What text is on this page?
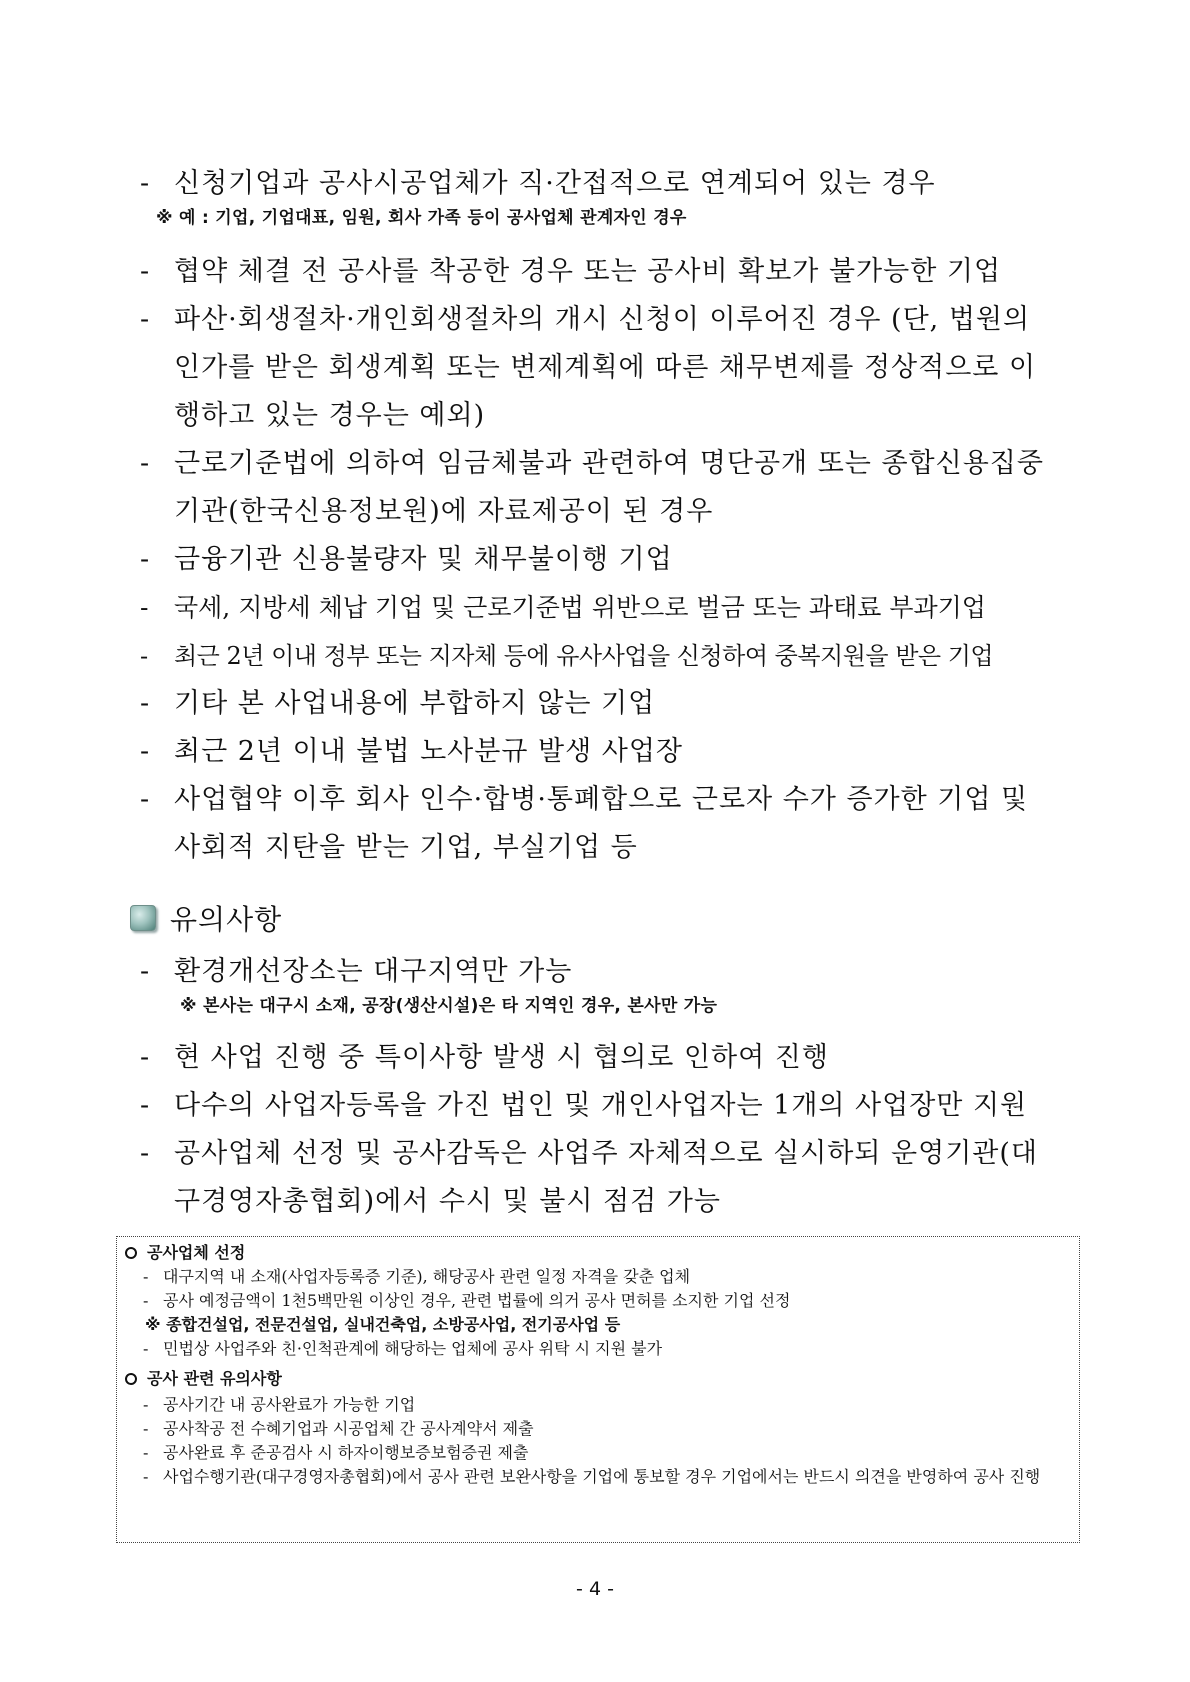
- 신청기업과 공사시공업체가 직·간접적으로 연계되어 있는 경우
※ 예 : 기업, 기업대표, 임원, 회사 가족 등이 공사업체 관계자인 경우
- 협약 체결 전 공사를 착공한 경우 또는 공사비 확보가 불가능한 기업
- 파산·회생절차·개인회생절차의 개시 신청이 이루어진 경우 (단, 법원의 인가를 받은 회생계획 또는 변제계획에 따른 채무변제를 정상적으로 이행하고 있는 경우는 예외)
- 근로기준법에 의하여 임금체불과 관련하여 명단공개 또는 종합신용집중기관(한국신용정보원)에 자료제공이 된 경우
- 금융기관 신용불량자 및 채무불이행 기업
-	국세, 지방세 체납 기업 및 근로기준법 위반으로 벌금 또는 과태료 부과기업
-	최근 2년 이내 정부 또는 지자체 등에 유사사업을 신청하여 중복지원을 받은 기업
- 기타 본 사업내용에 부합하지 않는 기업
- 최근 2년 이내 불법 노사분규 발생 사업장
- 사업협약 이후 회사 인수·합병·통폐합으로 근로자 수가 증가한 기업 및 사회적 지탄을 받는 기업, 부실기업 등
유의사항
- 환경개선장소는 대구지역만 가능
※ 본사는 대구시 소재, 공장(생산시설)은 타 지역인 경우, 본사만 가능
- 현 사업 진행 중 특이사항 발생 시 협의로 인하여 진행
- 다수의 사업자등록을 가진 법인 및 개인사업자는 1개의 사업장만 지원
- 공사업체 선정 및 공사감독은 사업주 자체적으로 실시하되 운영기관(대구경영자총협회)에서 수시 및 불시 점검 가능
공사업체 선정
- 대구지역 내 소재(사업자등록증 기준), 해당공사 관련 일정 자격을 갖춘 업체
- 공사 예정금액이 1천5백만원 이상인 경우, 관련 법률에 의거 공사 면허를 소지한 기업 선정
※ 종합건설업, 전문건설업, 실내건축업, 소방공사업, 전기공사업 등
- 민법상 사업주와 친·인척관계에 해당하는 업체에 공사 위탁 시 지원 불가
공사 관련 유의사항
- 공사기간 내 공사완료가 가능한 기업
- 공사착공 전 수혜기업과 시공업체 간 공사계약서 제출
- 공사완료 후 준공검사 시 하자이행보증보험증권 제출
- 사업수행기관(대구경영자총협회)에서 공사 관련 보완사항을 기업에 통보할 경우 기업에서는 반드시 의견을 반영하여 공사 진행
- 4 -
